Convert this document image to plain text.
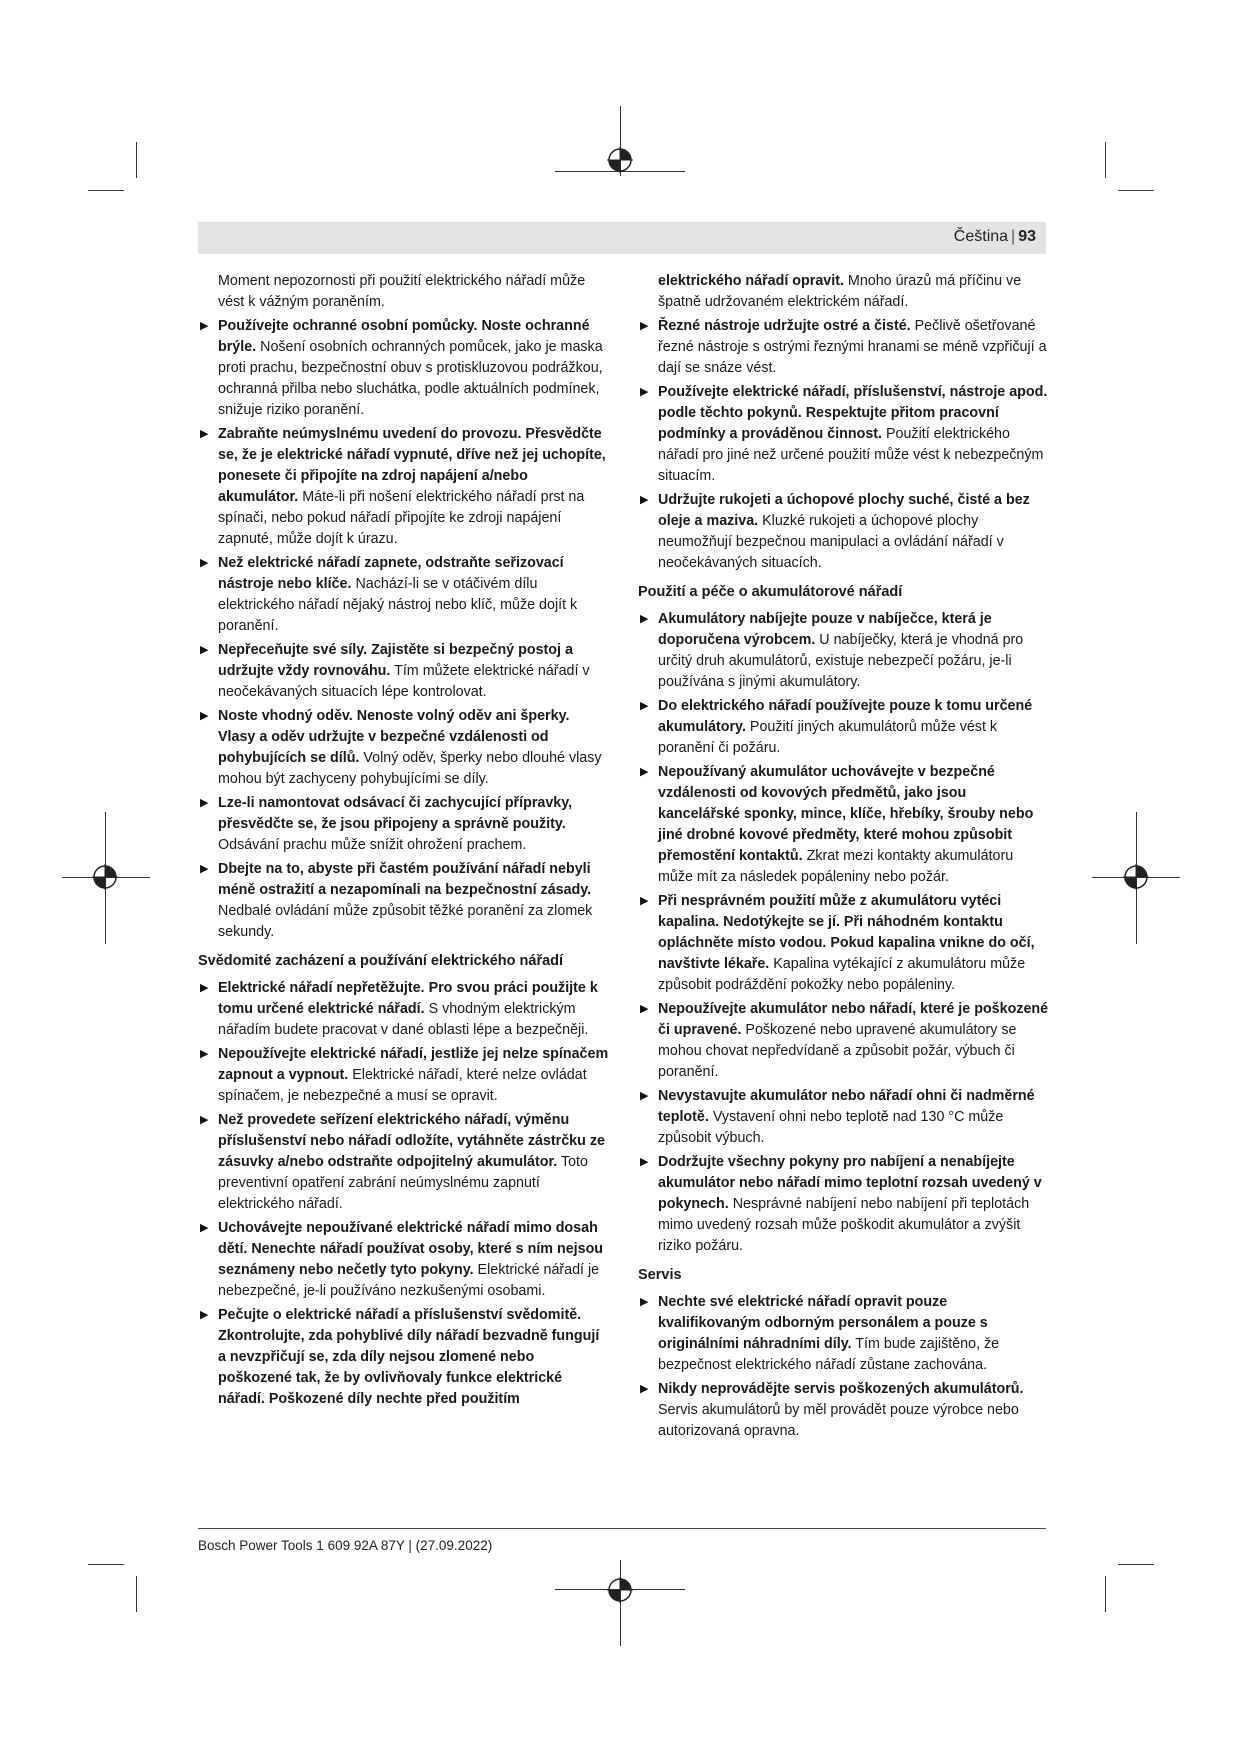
Čeština | 93
Moment nepozornosti při použití elektrického nářadí může vést k vážným poraněním.
▶ Používejte ochranné osobní pomůcky. Noste ochranné brýle. Nošení osobních ochranných pomůcek, jako je maska proti prachu, bezpečnostní obuv s protiskluzovou podrážkou, ochranná přilba nebo sluchátka, podle aktuálních podmínek, snižuje riziko poranění.
▶ Zabraňte neúmyslnému uvedení do provozu. Přesvědčte se, že je elektrické nářadí vypnuté, dříve než jej uchopíte, ponesete či připojíte na zdroj napájení a/nebo akumulátor. Máte-li při nošení elektrického nářadí prst na spínači, nebo pokud nářadí připojíte ke zdroji napájení zapnuté, může dojít k úrazu.
▶ Než elektrické nářadí zapnete, odstraňte seřizovací nástroje nebo klíče. Nachází-li se v otáčivém dílu elektrického nářadí nějaký nástroj nebo klíč, může dojít k poranění.
▶ Nepřeceňujte své síly. Zajistěte si bezpečný postoj a udržujte vždy rovnováhu. Tím můžete elektrické nářadí v neočekávaných situacích lépe kontrolovat.
▶ Noste vhodný oděv. Nenoste volný oděv ani šperky. Vlasy a oděv udržujte v bezpečné vzdálenosti od pohybujících se dílů. Volný oděv, šperky nebo dlouhé vlasy mohou být zachyceny pohybujícími se díly.
▶ Lze-li namontovat odsávací či zachycující přípravky, přesvědčte se, že jsou připojeny a správně použity. Odsávání prachu může snížit ohrožení prachem.
▶ Dbejte na to, abyste při častém používání nářadí nebyli méně ostražití a nezapomínali na bezpečnostní zásady. Nedbalé ovládání může způsobit těžké poranění za zlomek sekundy.
Svědomité zacházení a používání elektrického nářadí
▶ Elektrické nářadí nepřetěžujte. Pro svou práci použijte k tomu určené elektrické nářadí. S vhodným elektrickým nářadím budete pracovat v dané oblasti lépe a bezpečněji.
▶ Nepoužívejte elektrické nářadí, jestliže jej nelze spínačem zapnout a vypnout. Elektrické nářadí, které nelze ovládat spínačem, je nebezpečné a musí se opravit.
▶ Než provedete seřízení elektrického nářadí, výměnu příslušenství nebo nářadí odložíte, vytáhněte zástrčku ze zásuvky a/nebo odstraňte odpojitelný akumulátor. Toto preventivní opatření zabrání neúmyslnému zapnutí elektrického nářadí.
▶ Uchovávejte nepoužívané elektrické nářadí mimo dosah dětí. Nenechte nářadí používat osoby, které s ním nejsou seznámeny nebo nečetly tyto pokyny. Elektrické nářadí je nebezpečné, je-li používáno nezkušenými osobami.
▶ Pečujte o elektrické nářadí a příslušenství svědomitě. Zkontrolujte, zda pohyblivé díly nářadí bezvadně fungují a nevzpřičují se, zda díly nejsou zlomené nebo poškozené tak, že by ovlivňovaly funkce elektrické nářadí. Poškozené díly nechte před použitím
elektrického nářadí opravit. Mnoho úrazů má příčinu ve špatně udržovaném elektrickém nářadí.
▶ Řezné nástroje udržujte ostré a čisté. Pečlivě ošetřované řezné nástroje s ostrými řeznými hranami se méně vzpřičují a dají se snáze vést.
▶ Používejte elektrické nářadí, příslušenství, nástroje apod. podle těchto pokynů. Respektujte přitom pracovní podmínky a prováděnou činnost. Použití elektrického nářadí pro jiné než určené použití může vést k nebezpečným situacím.
▶ Udržujte rukojeti a úchopové plochy suché, čisté a bez oleje a maziva. Kluzké rukojeti a úchopové plochy neumožňují bezpečnou manipulaci a ovládání nářadí v neočekávaných situacích.
Použití a péče o akumulátorové nářadí
▶ Akumulátory nabíjejte pouze v nabíječce, která je doporučena výrobcem. U nabíječky, která je vhodná pro určitý druh akumulátorů, existuje nebezpečí požáru, je-li používána s jinými akumulátory.
▶ Do elektrického nářadí používejte pouze k tomu určené akumulátory. Použití jiných akumulátorů může vést k poranění či požáru.
▶ Nepoužívaný akumulátor uchovávejte v bezpečné vzdálenosti od kovových předmětů, jako jsou kancelářské sponky, mince, klíče, hřebíky, šrouby nebo jiné drobné kovové předměty, které mohou způsobit přemostění kontaktů. Zkrat mezi kontakty akumulátoru může mít za následek popáleniny nebo požár.
▶ Při nesprávném použití může z akumulátoru vytéci kapalina. Nedotýkejte se jí. Při náhodném kontaktu opláchněte místo vodou. Pokud kapalina vnikne do očí, navštivte lékaře. Kapalina vytékající z akumulátoru může způsobit podráždění pokožky nebo popáleniny.
▶ Nepoužívejte akumulátor nebo nářadí, které je poškozené či upravené. Poškozené nebo upravené akumulátory se mohou chovat nepředvídaně a způsobit požár, výbuch či poranění.
▶ Nevystavujte akumulátor nebo nářadí ohni či nadměrné teplotě. Vystavení ohni nebo teplotě nad 130 °C může způsobit výbuch.
▶ Dodržujte všechny pokyny pro nabíjení a nenabíjejte akumulátor nebo nářadí mimo teplotní rozsah uvedený v pokynech. Nesprávné nabíjení nebo nabíjení při teplotách mimo uvedený rozsah může poškodit akumulátor a zvýšit riziko požáru.
Servis
▶ Nechte své elektrické nářadí opravit pouze kvalifikovaným odborným personálem a pouze s originálními náhradními díly. Tím bude zajištěno, že bezpečnost elektrického nářadí zůstane zachována.
▶ Nikdy neprovádějte servis poškozených akumulátorů. Servis akumulátorů by měl provádět pouze výrobce nebo autorizovaná opravna.
Bosch Power Tools 1 609 92A 87Y | (27.09.2022)
